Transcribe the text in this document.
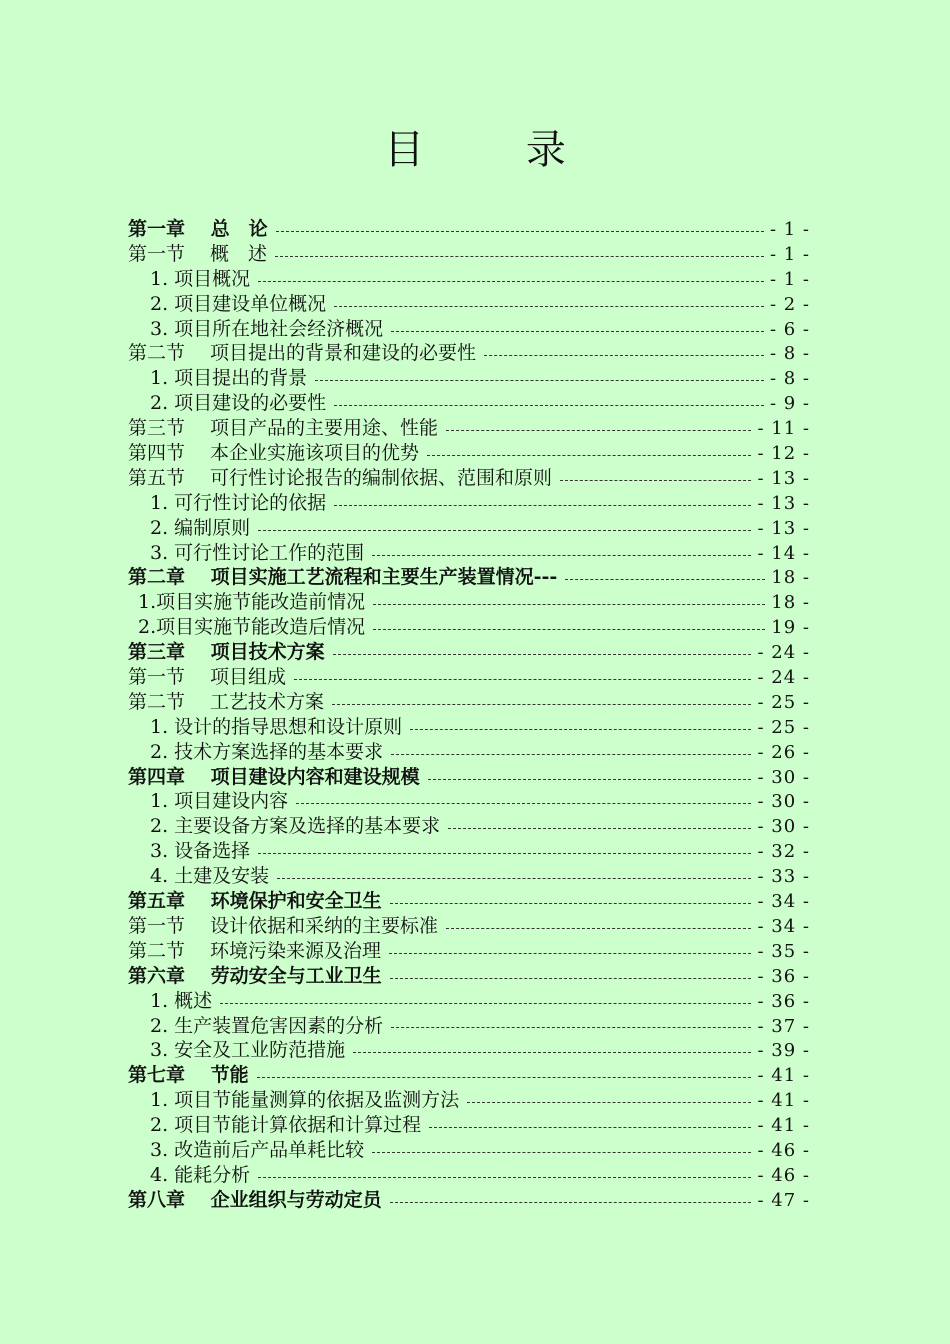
目        录
第一章　 总　论	- 1 -
第一节　 概　述	- 1 -
1. 项目概况	- 1 -
2. 项目建设单位概况	- 2 -
3. 项目所在地社会经济概况	- 6 -
第二节　 项目提出的背景和建设的必要性	- 8 -
1. 项目提出的背景	- 8 -
2. 项目建设的必要性	- 9 -
第三节　 项目产品的主要用途、性能	- 11 -
第四节　 本企业实施该项目的优势	- 12 -
第五节　 可行性讨论报告的编制依据、范围和原则	- 13 -
1. 可行性讨论的依据	- 13 -
2. 编制原则	- 13 -
3. 可行性讨论工作的范围	- 14 -
第二章　 项目实施工艺流程和主要生产装置情况---	18 -
1.项目实施节能改造前情况	18 -
2.项目实施节能改造后情况	19 -
第三章　 项目技术方案	- 24 -
第一节　 项目组成	- 24 -
第二节　 工艺技术方案	- 25 -
1. 设计的指导思想和设计原则	- 25 -
2. 技术方案选择的基本要求	- 26 -
第四章　 项目建设内容和建设规模	- 30 -
1. 项目建设内容	- 30 -
2. 主要设备方案及选择的基本要求	- 30 -
3. 设备选择	- 32 -
4. 土建及安装	- 33 -
第五章　 环境保护和安全卫生	- 34 -
第一节　 设计依据和采纳的主要标准	- 34 -
第二节　 环境污染来源及治理	- 35 -
第六章　 劳动安全与工业卫生	- 36 -
1. 概述	- 36 -
2. 生产装置危害因素的分析	- 37 -
3. 安全及工业防范措施	- 39 -
第七章　 节能	- 41 -
1. 项目节能量测算的依据及监测方法	- 41 -
2. 项目节能计算依据和计算过程	- 41 -
3. 改造前后产品单耗比较	- 46 -
4. 能耗分析	- 46 -
第八章　 企业组织与劳动定员	- 47 -
